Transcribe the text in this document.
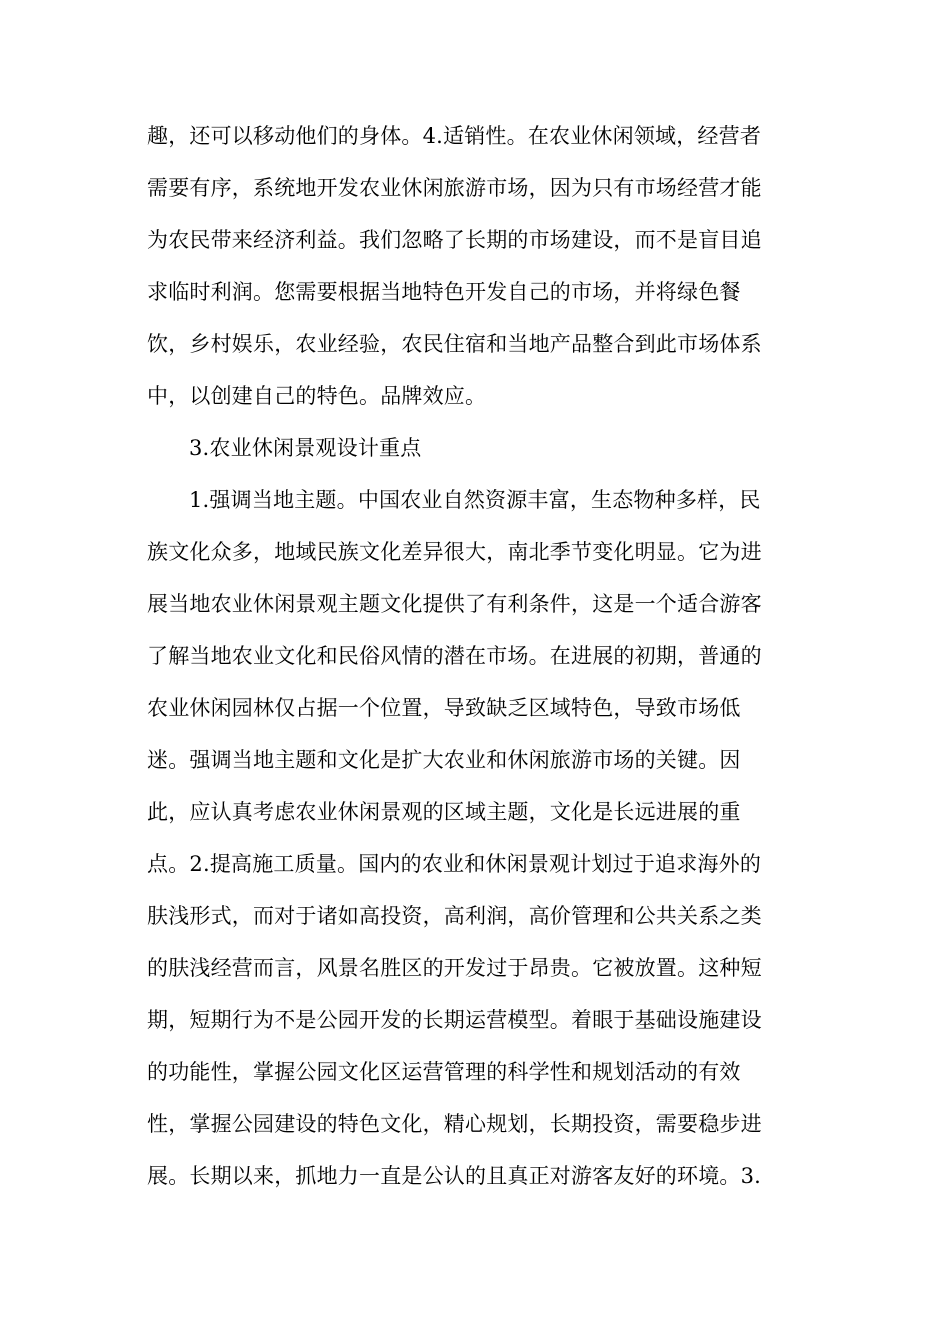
趣，还可以移动他们的身体。4.适销性。在农业休闲领域，经营者
需要有序，系统地开发农业休闲旅游市场，因为只有市场经营才能
为农民带来经济利益。我们忽略了长期的市场建设，而不是盲目追
求临时利润。您需要根据当地特色开发自己的市场，并将绿色餐
饮，乡村娱乐，农业经验，农民住宿和当地产品整合到此市场体系
中，以创建自己的特色。品牌效应。
3.农业休闲景观设计重点
1.强调当地主题。中国农业自然资源丰富，生态物种多样，民
族文化众多，地域民族文化差异很大，南北季节变化明显。它为进
展当地农业休闲景观主题文化提供了有利条件，这是一个适合游客
了解当地农业文化和民俗风情的潜在市场。在进展的初期，普通的
农业休闲园林仅占据一个位置，导致缺乏区域特色，导致市场低
迷。强调当地主题和文化是扩大农业和休闲旅游市场的关键。因
此，应认真考虑农业休闲景观的区域主题，文化是长远进展的重
点。2.提高施工质量。国内的农业和休闲景观计划过于追求海外的
肤浅形式，而对于诸如高投资，高利润，高价管理和公共关系之类
的肤浅经营而言，风景名胜区的开发过于昂贵。它被放置。这种短
期，短期行为不是公园开发的长期运营模型。着眼于基础设施建设
的功能性，掌握公园文化区运营管理的科学性和规划活动的有效
性，掌握公园建设的特色文化，精心规划，长期投资，需要稳步进
展。长期以来，抓地力一直是公认的且真正对游客友好的环境。3.
